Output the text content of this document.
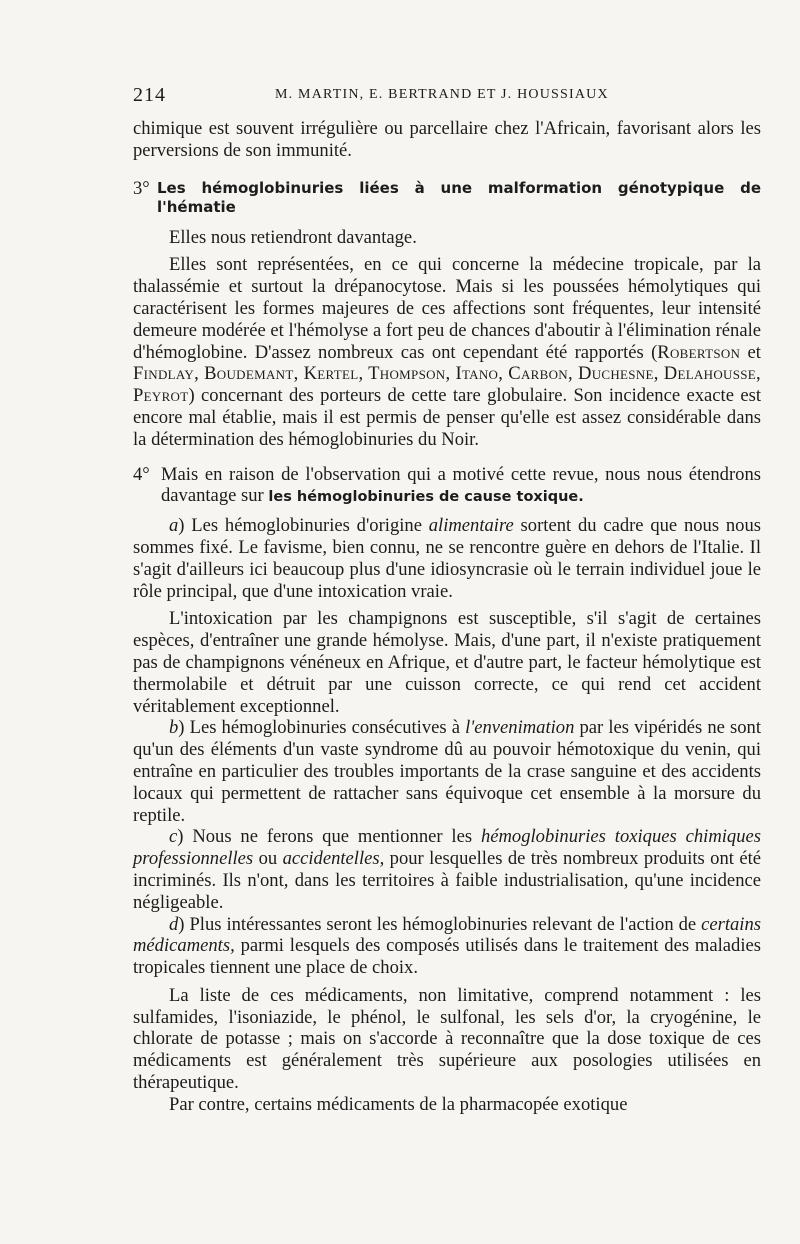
214	M. MARTIN, E. BERTRAND ET J. HOUSSIAUX

chimique est souvent irrégulière ou parcellaire chez l'Africain, favorisant alors les perversions de son immunité.

3° Les hémoglobinuries liées à une malformation génotypique de l'hématie

Elles nous retiendront davantage.

Elles sont représentées, en ce qui concerne la médecine tropicale, par la thalassémie et surtout la drépanocytose. Mais si les poussées hémolytiques qui caractérisent les formes majeures de ces affections sont fréquentes, leur intensité demeure modérée et l'hémolyse a fort peu de chances d'aboutir à l'élimination rénale d'hémoglobine. D'assez nombreux cas ont cependant été rapportés (Robertson et Findlay, Boudemant, Kertel, Thompson, Itano, Carbon, Duchesne, Delahousse, Peyrot) concernant des porteurs de cette tare globulaire. Son incidence exacte est encore mal établie, mais il est permis de penser qu'elle est assez considérable dans la détermination des hémoglobinuries du Noir.

4° Mais en raison de l'observation qui a motivé cette revue, nous nous étendrons davantage sur les hémoglobinuries de cause toxique.

a) Les hémoglobinuries d'origine alimentaire sortent du cadre que nous nous sommes fixé. Le favisme, bien connu, ne se rencontre guère en dehors de l'Italie. Il s'agit d'ailleurs ici beaucoup plus d'une idiosyncrasie où le terrain individuel joue le rôle principal, que d'une intoxication vraie.

L'intoxication par les champignons est susceptible, s'il s'agit de certaines espèces, d'entraîner une grande hémolyse. Mais, d'une part, il n'existe pratiquement pas de champignons vénéneux en Afrique, et d'autre part, le facteur hémolytique est thermolabile et détruit par une cuisson correcte, ce qui rend cet accident véritablement exceptionnel.

b) Les hémoglobinuries consécutives à l'envenimation par les vipéridés ne sont qu'un des éléments d'un vaste syndrome dû au pouvoir hémotoxique du venin, qui entraîne en particulier des troubles importants de la crase sanguine et des accidents locaux qui permettent de rattacher sans équivoque cet ensemble à la morsure du reptile.

c) Nous ne ferons que mentionner les hémoglobinuries toxiques chimiques professionnelles ou accidentelles, pour lesquelles de très nombreux produits ont été incriminés. Ils n'ont, dans les territoires à faible industrialisation, qu'une incidence négligeable.

d) Plus intéressantes seront les hémoglobinuries relevant de l'action de certains médicaments, parmi lesquels des composés utilisés dans le traitement des maladies tropicales tiennent une place de choix.

La liste de ces médicaments, non limitative, comprend notamment : les sulfamides, l'isoniazide, le phénol, le sulfonal, les sels d'or, la cryogénine, le chlorate de potasse ; mais on s'accorde à reconnaître que la dose toxique de ces médicaments est généralement très supérieure aux posologies utilisées en thérapeutique.

Par contre, certains médicaments de la pharmacopée exotique
